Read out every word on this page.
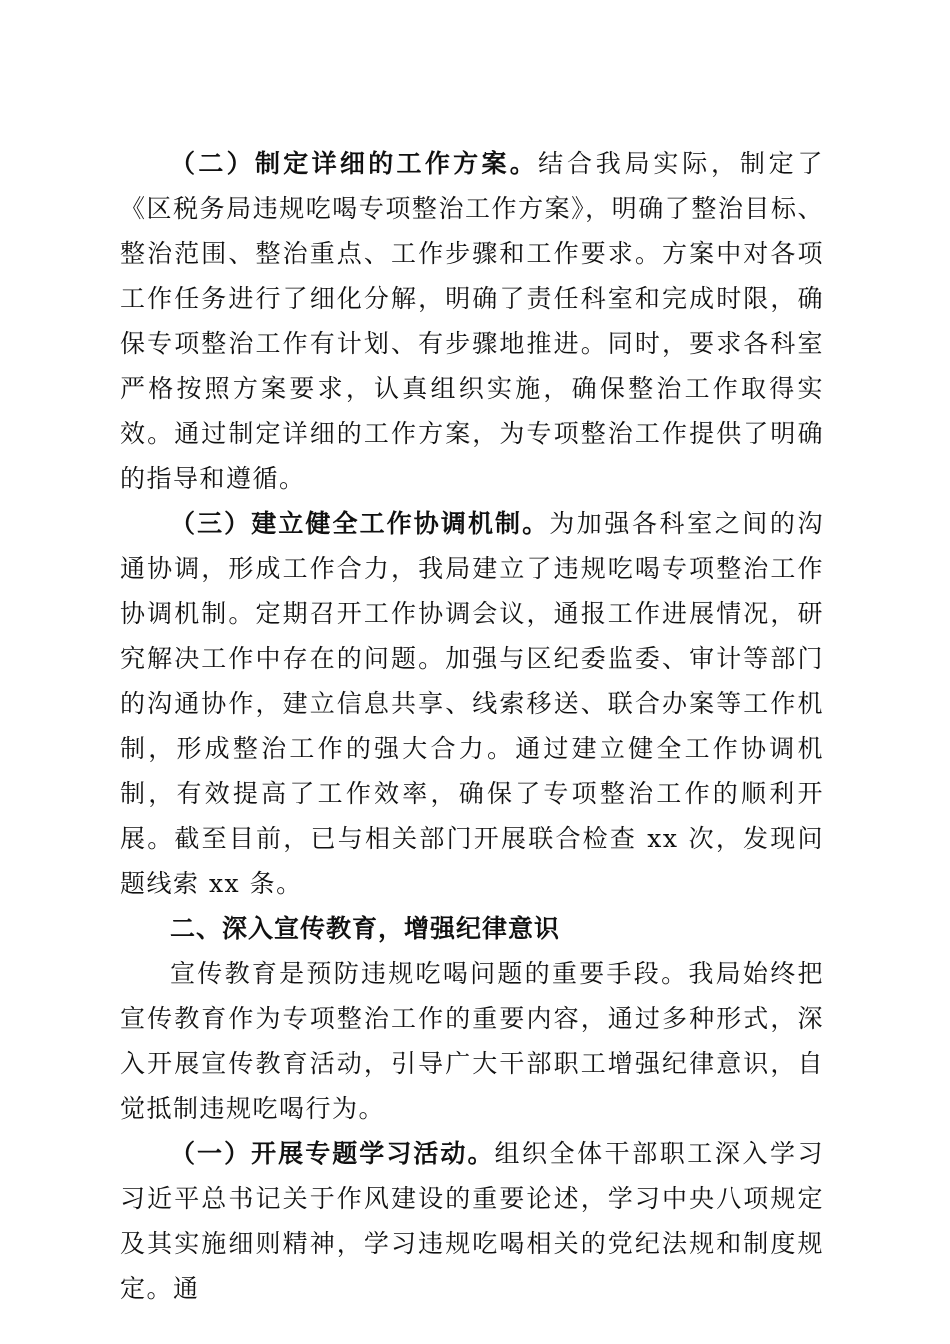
（二）制定详细的工作方案。结合我局实际，制定了《区税务局违规吃喝专项整治工作方案》，明确了整治目标、整治范围、整治重点、工作步骤和工作要求。方案中对各项工作任务进行了细化分解，明确了责任科室和完成时限，确保专项整治工作有计划、有步骤地推进。同时，要求各科室严格按照方案要求，认真组织实施，确保整治工作取得实效。通过制定详细的工作方案，为专项整治工作提供了明确的指导和遵循。

（三）建立健全工作协调机制。为加强各科室之间的沟通协调，形成工作合力，我局建立了违规吃喝专项整治工作协调机制。定期召开工作协调会议，通报工作进展情况，研究解决工作中存在的问题。加强与区纪委监委、审计等部门的沟通协作，建立信息共享、线索移送、联合办案等工作机制，形成整治工作的强大合力。通过建立健全工作协调机制，有效提高了工作效率，确保了专项整治工作的顺利开展。截至目前，已与相关部门开展联合检查 xx 次，发现问题线索 xx 条。

二、深入宣传教育，增强纪律意识

宣传教育是预防违规吃喝问题的重要手段。我局始终把宣传教育作为专项整治工作的重要内容，通过多种形式，深入开展宣传教育活动，引导广大干部职工增强纪律意识，自觉抵制违规吃喝行为。

（一）开展专题学习活动。组织全体干部职工深入学习习近平总书记关于作风建设的重要论述，学习中央八项规定及其实施细则精神，学习违规吃喝相关的党纪法规和制度规定。通
